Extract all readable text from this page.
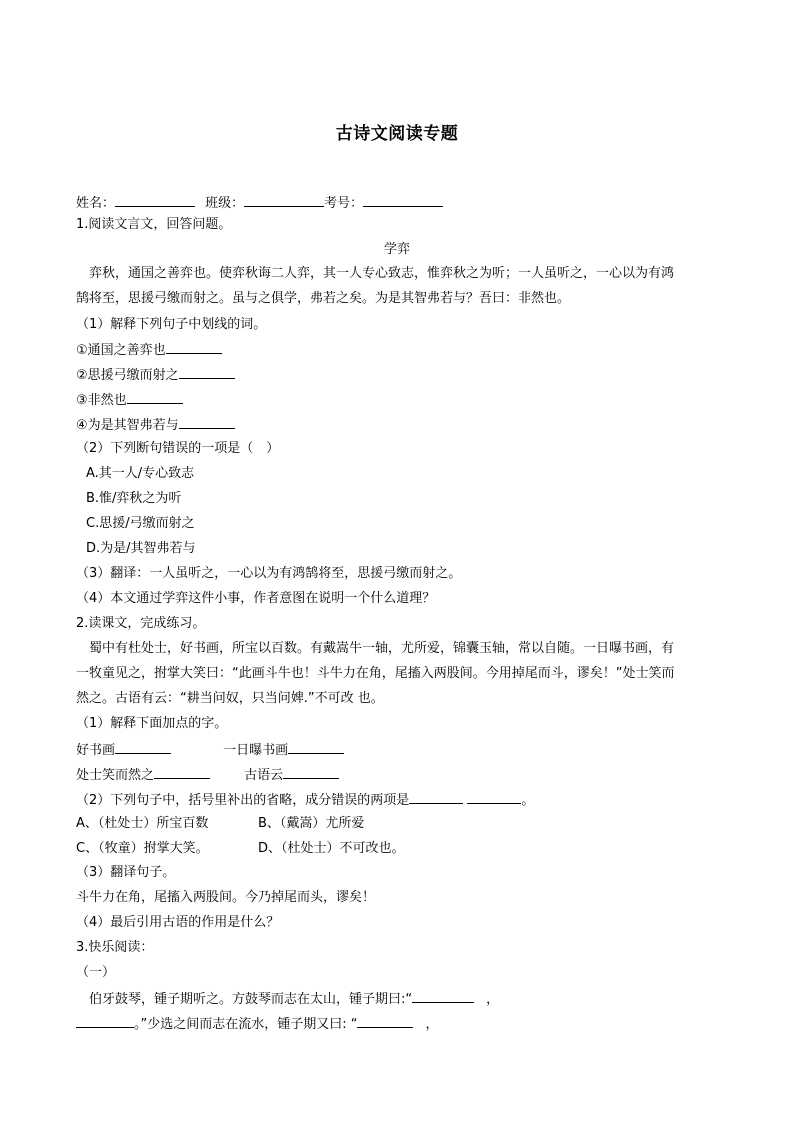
古诗文阅读专题
姓名：	班级：	考号：
1.阅读文言文，回答问题。
学弈
　弈秋，通国之善弈也。使弈秋诲二人弈，其一人专心致志，惟弈秋之为听；一人虽听之，一心以为有鸿
鹄将至，思援弓缴而射之。虽与之俱学，弗若之矣。为是其智弗若与？吾曰：非然也。
（1）解释下列句子中划线的词。
①通国之善弈也
②思援弓缴而射之
③非然也
④为是其智弗若与
（2）下列断句错误的一项是（　）
A.其一人/专心致志
B.惟/弈秋之为听
C.思援/弓缴而射之
D.为是/其智弗若与
（3）翻译：一人虽听之，一心以为有鸿鹄将至，思援弓缴而射之。
（4）本文通过学弈这件小事，作者意图在说明一个什么道理？
2.读课文，完成练习。
　蜀中有杜处士，好书画，所宝以百数。有戴嵩牛一轴，尤所爱，锦囊玉轴，常以自随。一日曝书画，有
一牧童见之，拊掌大笑曰：“此画斗牛也！斗牛力在角，尾搐入两股间。今用掉尾而斗，谬矣！”处士笑而
然之。古语有云：“耕当问奴，只当问婢.”不可改 也。
（1）解释下面加点的字。
好书画	一日曝书画
处士笑而然之	古语云
（2）下列句子中，括号里补出的省略，成分错误的两项是	。
A、（杜处士）所宝百数	B、（戴嵩）尤所爱
C、（牧童）拊掌大笑。	D、（杜处士）不可改也。
（3）翻译句子。
斗牛力在角，尾搐入两股间。今乃掉尾而头，谬矣！
（4）最后引用古语的作用是什么？
3.快乐阅读：
（一）
　伯牙鼓琴，锺子期听之。方鼓琴而志在太山，锺子期曰:“	，
。”少选之间而志在流水，锺子期又曰: “	，
